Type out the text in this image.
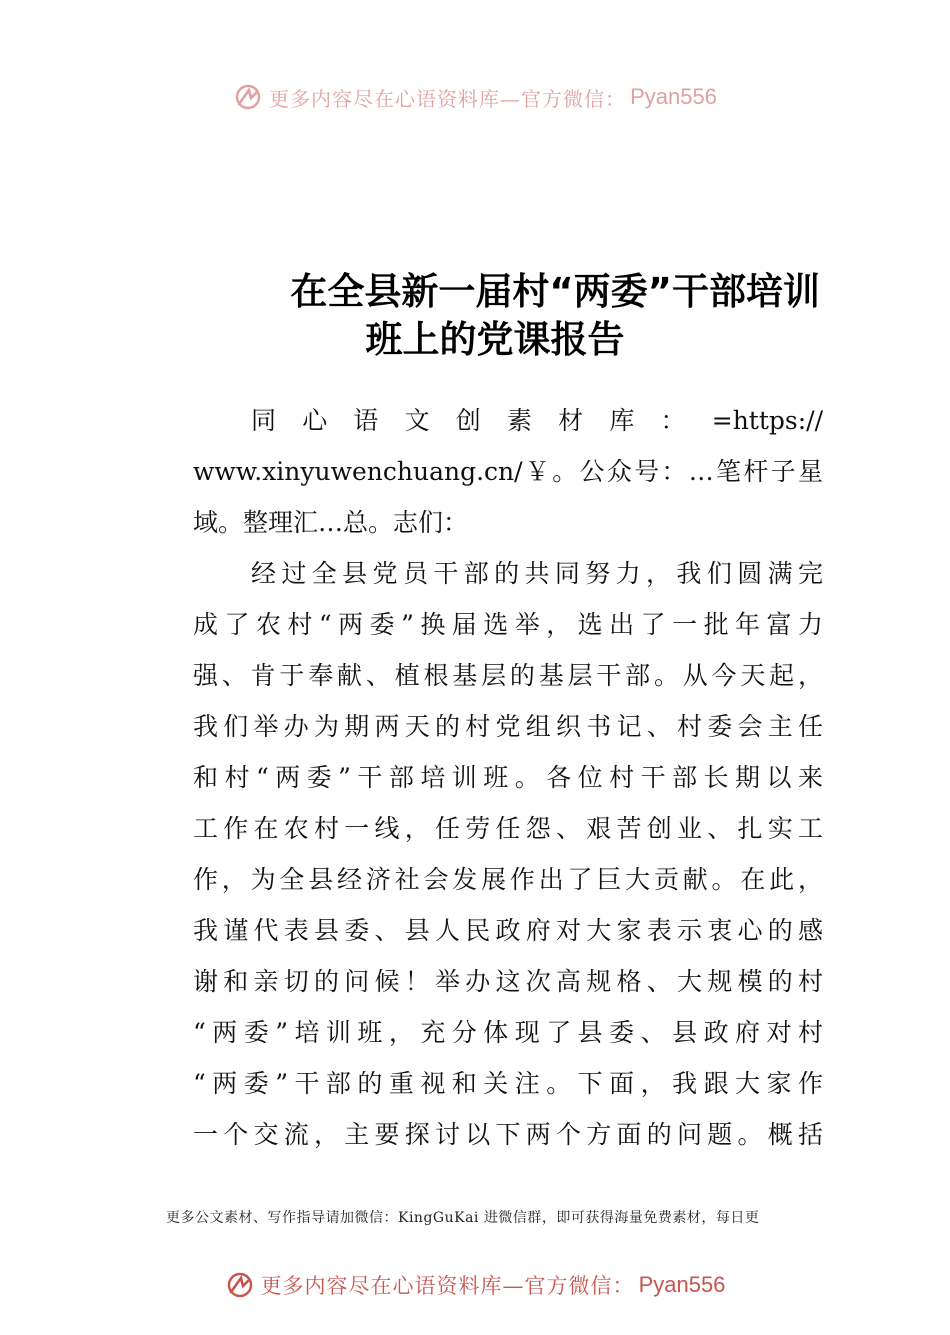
更多内容尽在心语资料库—官方微信： Pyan556
在全县新一届村“两委”干部培训
班上的党课报告
同 心 语 文 创 素 材 库 ： =https://
www.xinyuwenchuang.cn/￥。公众号：…笔杆子星
域。整理汇…总。志们：
经过全县党员干部的共同努力，我们圆满完
成了农村“两委”换届选举，选出了一批年富力
强、肯于奉献、植根基层的基层干部。从今天起，
我们举办为期两天的村党组织书记、村委会主任
和村“两委”干部培训班。各位村干部长期以来
工作在农村一线，任劳任怨、艰苦创业、扎实工
作，为全县经济社会发展作出了巨大贡献。在此，
我谨代表县委、县人民政府对大家表示衷心的感
谢和亲切的问候！举办这次高规格、大规模的村
“两委”培训班，充分体现了县委、县政府对村
“两委”干部的重视和关注。下面，我跟大家作
一个交流，主要探讨以下两个方面的问题。概括
更多公文素材、写作指导请加微信：KingGuKai 进微信群，即可获得海量免费素材，每日更
更多内容尽在心语资料库—官方微信： Pyan556
